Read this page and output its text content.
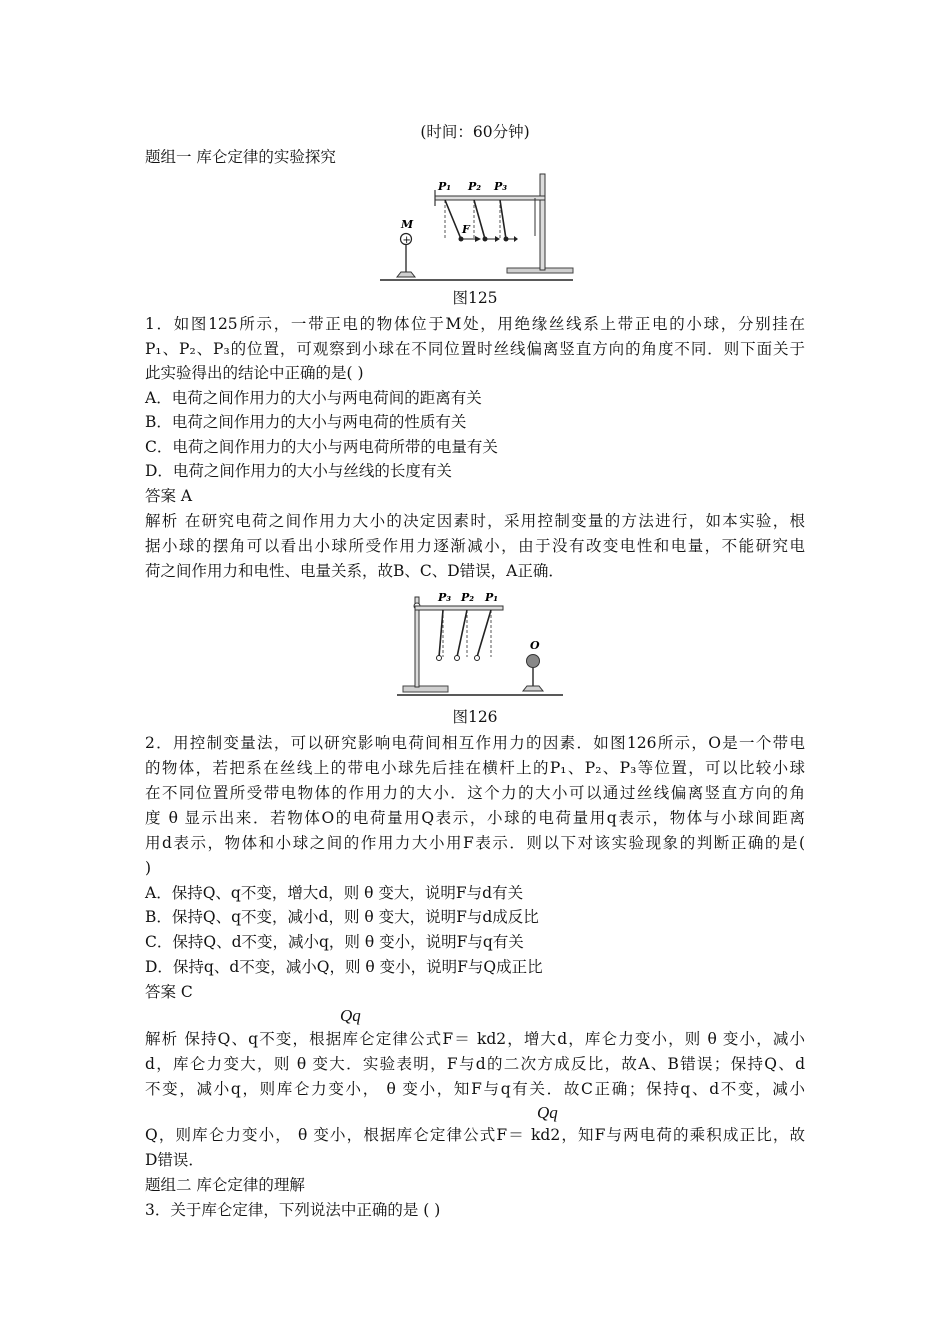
(时间：60分钟)
题组一 库仑定律的实验探究
P₁ P₂ P₃
F
M
+
图125
1．如图125所示，一带正电的物体位于M处，用绝缘丝线系上带正电的小球，分别挂在
P₁、P₂、P₃的位置，可观察到小球在不同位置时丝线偏离竖直方向的角度不同．则下面关于
此实验得出的结论中正确的是( )
A．电荷之间作用力的大小与两电荷间的距离有关
B．电荷之间作用力的大小与两电荷的性质有关
C．电荷之间作用力的大小与两电荷所带的电量有关
D．电荷之间作用力的大小与丝线的长度有关
答案 A
解析 在研究电荷之间作用力大小的决定因素时，采用控制变量的方法进行，如本实验，根
据小球的摆角可以看出小球所受作用力逐渐减小，由于没有改变电性和电量，不能研究电
荷之间作用力和电性、电量关系，故B、C、D错误，A正确．
P₃ P₂ P₁
O
图126
2．用控制变量法，可以研究影响电荷间相互作用力的因素．如图126所示，O是一个带电
的物体，若把系在丝线上的带电小球先后挂在横杆上的P₁、P₂、P₃等位置，可以比较小球
在不同位置所受带电物体的作用力的大小．这个力的大小可以通过丝线偏离竖直方向的角
度 θ 显示出来．若物体O的电荷量用Q表示，小球的电荷量用q表示，物体与小球间距离
用d表示，物体和小球之间的作用力大小用F表示．则以下对该实验现象的判断正确的是(
)
A．保持Q、q不变，增大d，则 θ 变大，说明F与d有关
B．保持Q、q不变，减小d，则 θ 变大，说明F与d成反比
C．保持Q、d不变，减小q，则 θ 变小，说明F与q有关
D．保持q、d不变，减小Q，则 θ 变小，说明F与Q成正比
答案 C
Qq
解析 保持Q、q不变，根据库仑定律公式F＝ kd2，增大d，库仑力变小，则 θ 变小，减小
d，库仑力变大，则 θ 变大．实验表明，F与d的二次方成反比，故A、B错误；保持Q、d
不变，减小q，则库仑力变小， θ 变小，知F与q有关．故C正确；保持q、d不变，减小
Qq
Q，则库仑力变小， θ 变小，根据库仑定律公式F＝ kd2，知F与两电荷的乘积成正比，故
D错误．
题组二 库仑定律的理解
3．关于库仑定律，下列说法中正确的是 ( )
